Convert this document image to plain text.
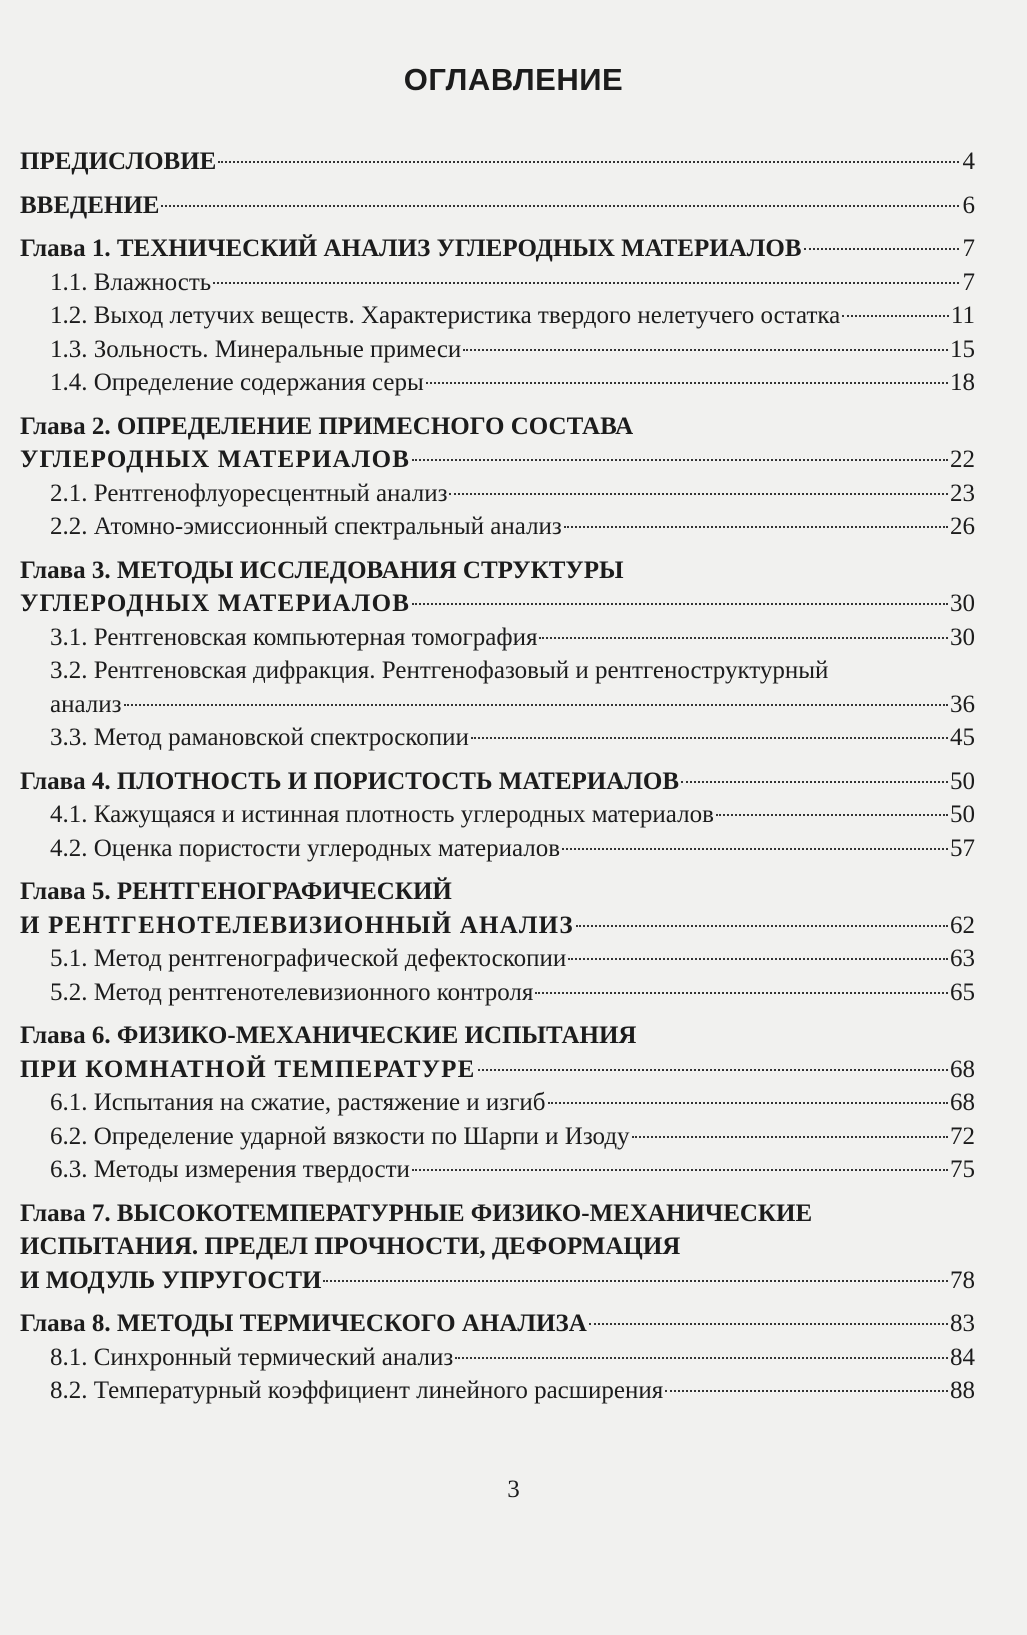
ОГЛАВЛЕНИЕ
ПРЕДИСЛОВИЕ	4
ВВЕДЕНИЕ	6
Глава 1. ТЕХНИЧЕСКИЙ АНАЛИЗ УГЛЕРОДНЫХ МАТЕРИАЛОВ	7
1.1. Влажность	7
1.2. Выход летучих веществ. Характеристика твердого нелетучего остатка	11
1.3. Зольность. Минеральные примеси	15
1.4. Определение содержания серы	18
Глава 2. ОПРЕДЕЛЕНИЕ ПРИМЕСНОГО СОСТАВА
УГЛЕРОДНЫХ МАТЕРИАЛОВ	22
2.1. Рентгенофлуоресцентный анализ	23
2.2. Атомно-эмиссионный спектральный анализ	26
Глава 3. МЕТОДЫ ИССЛЕДОВАНИЯ СТРУКТУРЫ
УГЛЕРОДНЫХ МАТЕРИАЛОВ	30
3.1. Рентгеновская компьютерная томография	30
3.2. Рентгеновская дифракция. Рентгенофазовый и рентгеноструктурный
анализ	36
3.3. Метод рамановской спектроскопии	45
Глава 4. ПЛОТНОСТЬ И ПОРИСТОСТЬ МАТЕРИАЛОВ	50
4.1. Кажущаяся и истинная плотность углеродных материалов	50
4.2. Оценка пористости углеродных материалов	57
Глава 5. РЕНТГЕНОГРАФИЧЕСКИЙ
И РЕНТГЕНОТЕЛЕВИЗИОННЫЙ АНАЛИЗ	62
5.1. Метод рентгенографической дефектоскопии	63
5.2. Метод рентгенотелевизионного контроля	65
Глава 6. ФИЗИКО-МЕХАНИЧЕСКИЕ ИСПЫТАНИЯ
ПРИ КОМНАТНОЙ ТЕМПЕРАТУРЕ	68
6.1. Испытания на сжатие, растяжение и изгиб	68
6.2. Определение ударной вязкости по Шарпи и Изоду	72
6.3. Методы измерения твердости	75
Глава 7. ВЫСОКОТЕМПЕРАТУРНЫЕ ФИЗИКО-МЕХАНИЧЕСКИЕ
ИСПЫТАНИЯ. ПРЕДЕЛ ПРОЧНОСТИ, ДЕФОРМАЦИЯ
И МОДУЛЬ УПРУГОСТИ	78
Глава 8. МЕТОДЫ ТЕРМИЧЕСКОГО АНАЛИЗА	83
8.1. Синхронный термический анализ	84
8.2. Температурный коэффициент линейного расширения	88
3
